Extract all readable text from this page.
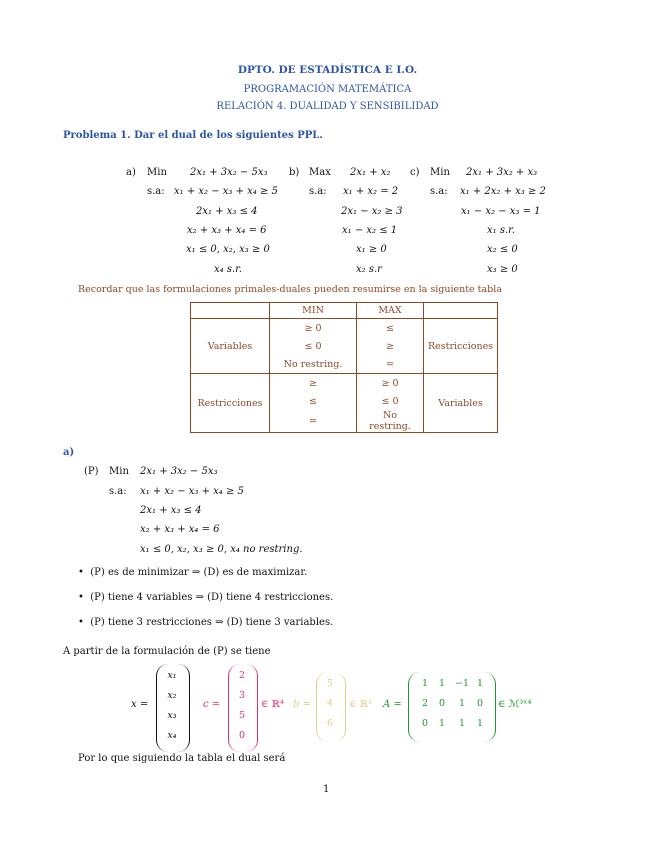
DPTO. DE ESTADÍSTICA E I.O.
PROGRAMACIÓN MATEMÁTICA
RELACIÓN 4. DUALIDAD Y SENSIBILIDAD
Problema 1. Dar el dual de los siguientes PPL.
a) Min 2x₁ + 3x₂ − 5x₃
s.a: x₁ + x₂ − x₃ + x₄ ≥ 5
2x₁ + x₃ ≤ 4
x₂ + x₃ + x₄ = 6
x₁ ≤ 0, x₂, x₃ ≥ 0
x₄ s.r.
b) Max 2x₁ + x₂
s.a: x₁ + x₂ = 2
2x₁ − x₂ ≥ 3
x₁ − x₂ ≤ 1
x₁ ≥ 0
x₂ s.r
c) Min 2x₁ + 3x₂ + x₃
s.a: x₁ + 2x₂ + x₃ ≥ 2
x₁ − x₂ − x₃ = 1
x₁ s.r.
x₂ ≤ 0
x₃ ≥ 0
Recordar que las formulaciones primales-duales pueden resumirse en la siguiente tabla
	MIN	MAX	
Variables	≥ 0	≤	Restricciones
	≤ 0	≥	
	No restring.	=	
Restricciones	≥	≥ 0	Variables
	≤	≤ 0	
	=	No restring.	
a)
(P) Min 2x₁ + 3x₂ − 5x₃
s.a: x₁ + x₂ − x₃ + x₄ ≥ 5
2x₁ + x₃ ≤ 4
x₂ + x₃ + x₄ = 6
x₁ ≤ 0, x₂, x₃ ≥ 0, x₄ no restring.
• (P) es de minimizar ⇒ (D) es de maximizar.
• (P) tiene 4 variables ⇒ (D) tiene 4 restricciones.
• (P) tiene 3 restricciones ⇒ (D) tiene 3 variables.
A partir de la formulación de (P) se tiene
x =
x₁
x₂
x₃
x₄
c =
2
3
5
0
∈ ℝ⁴ b =
5
4
6
∈ ℝ³ A =
1	1	−1 1
2	0	1	0
0	1	1	1
∈ ℳ³ˣ⁴
Por lo que siguiendo la tabla el dual será
1
